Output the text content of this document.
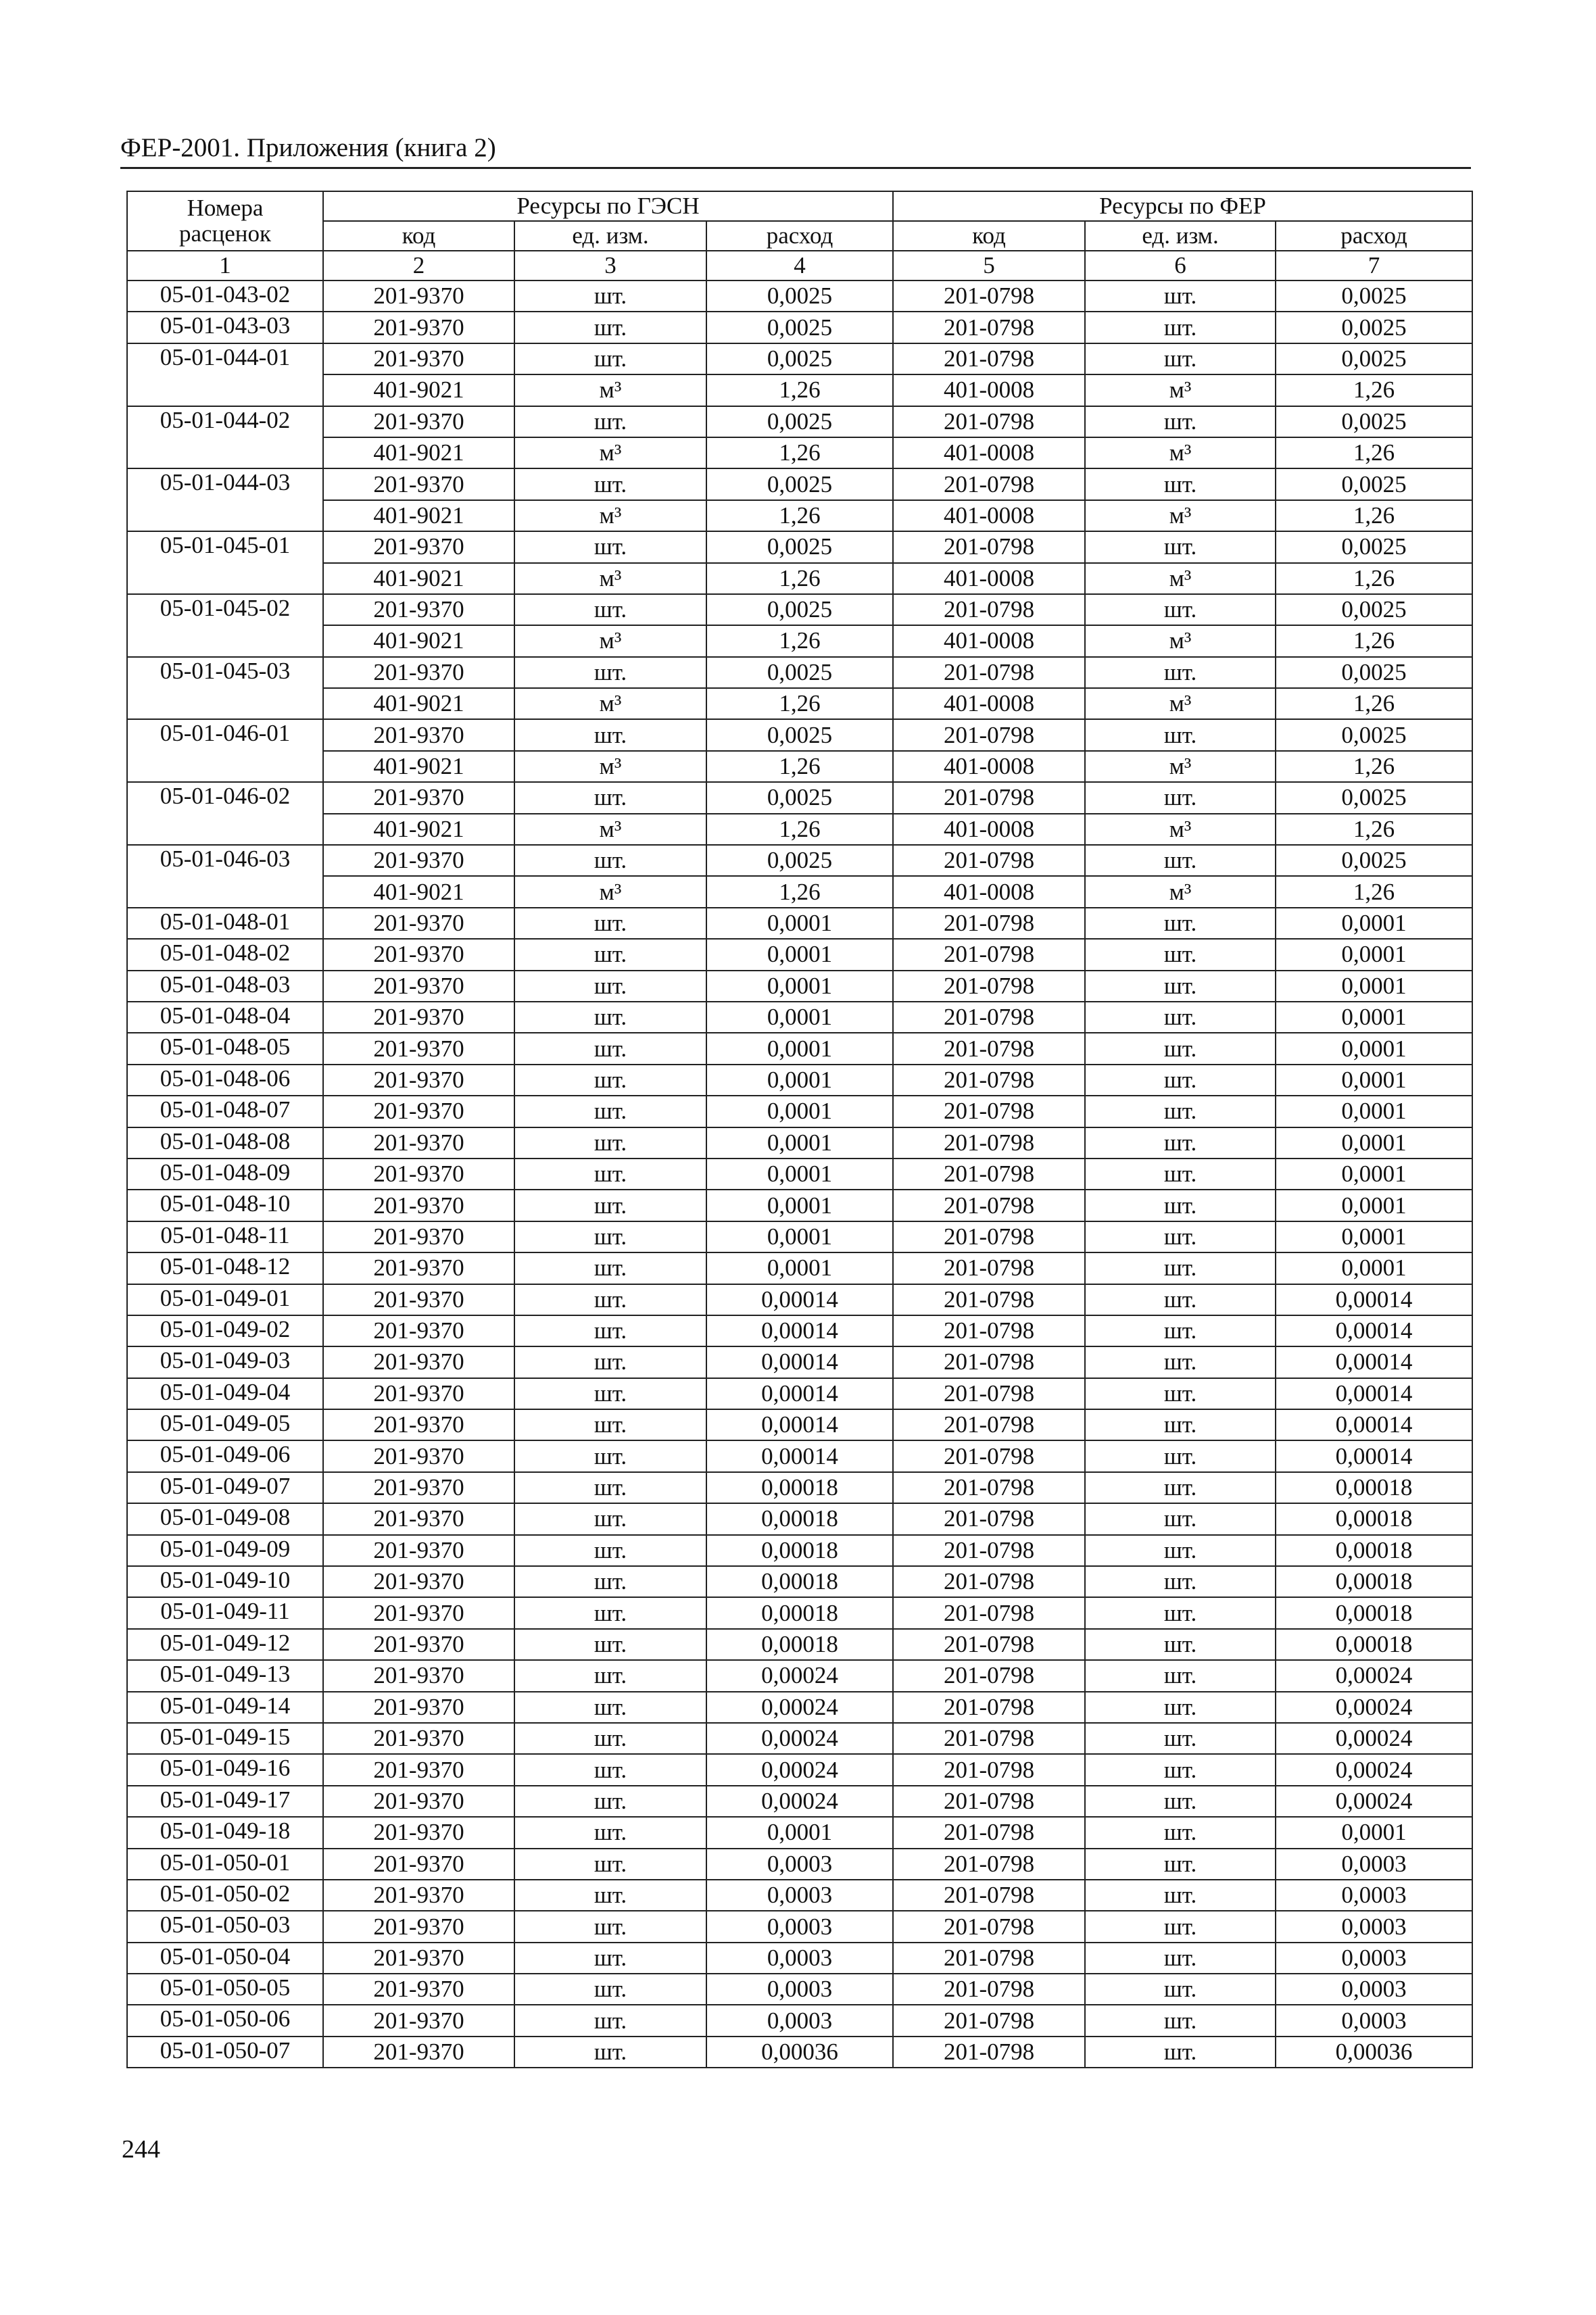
ФЕР-2001. Приложения (книга 2)
Номера
расценок	Ресурсы по ГЭСН			Ресурсы по ФЕР		
	код	ед. изм.	расход	код	ед. изм.	расход
1	2	3	4	5	6	7
05-01-043-02	201-9370	шт.	0,0025	201-0798	шт.	0,0025
05-01-043-03	201-9370	шт.	0,0025	201-0798	шт.	0,0025
05-01-044-01	201-9370	шт.	0,0025	201-0798	шт.	0,0025
	401-9021	м³	1,26	401-0008	м³	1,26
05-01-044-02	201-9370	шт.	0,0025	201-0798	шт.	0,0025
	401-9021	м³	1,26	401-0008	м³	1,26
05-01-044-03	201-9370	шт.	0,0025	201-0798	шт.	0,0025
	401-9021	м³	1,26	401-0008	м³	1,26
05-01-045-01	201-9370	шт.	0,0025	201-0798	шт.	0,0025
	401-9021	м³	1,26	401-0008	м³	1,26
05-01-045-02	201-9370	шт.	0,0025	201-0798	шт.	0,0025
	401-9021	м³	1,26	401-0008	м³	1,26
05-01-045-03	201-9370	шт.	0,0025	201-0798	шт.	0,0025
	401-9021	м³	1,26	401-0008	м³	1,26
05-01-046-01	201-9370	шт.	0,0025	201-0798	шт.	0,0025
	401-9021	м³	1,26	401-0008	м³	1,26
05-01-046-02	201-9370	шт.	0,0025	201-0798	шт.	0,0025
	401-9021	м³	1,26	401-0008	м³	1,26
05-01-046-03	201-9370	шт.	0,0025	201-0798	шт.	0,0025
	401-9021	м³	1,26	401-0008	м³	1,26
05-01-048-01	201-9370	шт.	0,0001	201-0798	шт.	0,0001
05-01-048-02	201-9370	шт.	0,0001	201-0798	шт.	0,0001
05-01-048-03	201-9370	шт.	0,0001	201-0798	шт.	0,0001
05-01-048-04	201-9370	шт.	0,0001	201-0798	шт.	0,0001
05-01-048-05	201-9370	шт.	0,0001	201-0798	шт.	0,0001
05-01-048-06	201-9370	шт.	0,0001	201-0798	шт.	0,0001
05-01-048-07	201-9370	шт.	0,0001	201-0798	шт.	0,0001
05-01-048-08	201-9370	шт.	0,0001	201-0798	шт.	0,0001
05-01-048-09	201-9370	шт.	0,0001	201-0798	шт.	0,0001
05-01-048-10	201-9370	шт.	0,0001	201-0798	шт.	0,0001
05-01-048-11	201-9370	шт.	0,0001	201-0798	шт.	0,0001
05-01-048-12	201-9370	шт.	0,0001	201-0798	шт.	0,0001
05-01-049-01	201-9370	шт.	0,00014	201-0798	шт.	0,00014
05-01-049-02	201-9370	шт.	0,00014	201-0798	шт.	0,00014
05-01-049-03	201-9370	шт.	0,00014	201-0798	шт.	0,00014
05-01-049-04	201-9370	шт.	0,00014	201-0798	шт.	0,00014
05-01-049-05	201-9370	шт.	0,00014	201-0798	шт.	0,00014
05-01-049-06	201-9370	шт.	0,00014	201-0798	шт.	0,00014
05-01-049-07	201-9370	шт.	0,00018	201-0798	шт.	0,00018
05-01-049-08	201-9370	шт.	0,00018	201-0798	шт.	0,00018
05-01-049-09	201-9370	шт.	0,00018	201-0798	шт.	0,00018
05-01-049-10	201-9370	шт.	0,00018	201-0798	шт.	0,00018
05-01-049-11	201-9370	шт.	0,00018	201-0798	шт.	0,00018
05-01-049-12	201-9370	шт.	0,00018	201-0798	шт.	0,00018
05-01-049-13	201-9370	шт.	0,00024	201-0798	шт.	0,00024
05-01-049-14	201-9370	шт.	0,00024	201-0798	шт.	0,00024
05-01-049-15	201-9370	шт.	0,00024	201-0798	шт.	0,00024
05-01-049-16	201-9370	шт.	0,00024	201-0798	шт.	0,00024
05-01-049-17	201-9370	шт.	0,00024	201-0798	шт.	0,00024
05-01-049-18	201-9370	шт.	0,0001	201-0798	шт.	0,0001
05-01-050-01	201-9370	шт.	0,0003	201-0798	шт.	0,0003
05-01-050-02	201-9370	шт.	0,0003	201-0798	шт.	0,0003
05-01-050-03	201-9370	шт.	0,0003	201-0798	шт.	0,0003
05-01-050-04	201-9370	шт.	0,0003	201-0798	шт.	0,0003
05-01-050-05	201-9370	шт.	0,0003	201-0798	шт.	0,0003
05-01-050-06	201-9370	шт.	0,0003	201-0798	шт.	0,0003
05-01-050-07	201-9370	шт.	0,00036	201-0798	шт.	0,00036
244
